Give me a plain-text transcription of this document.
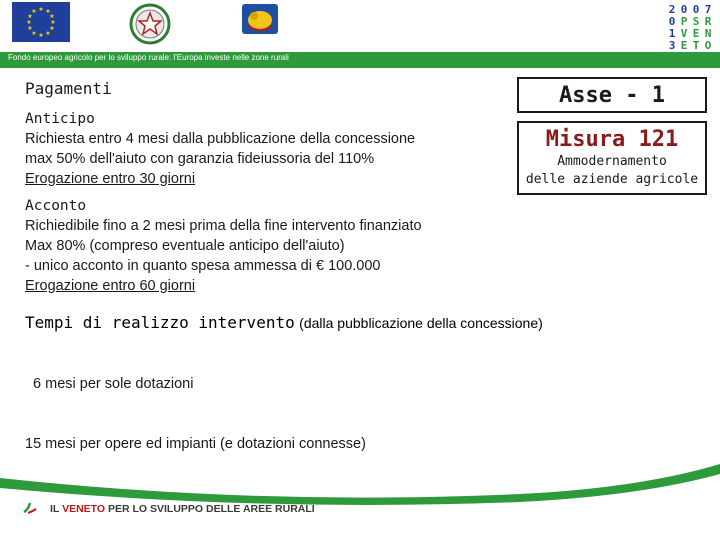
★ ★
★
★
★
★
★
★
★
★
★
★
FEASR	REGIONE DEL VENETO
2 0 0 7
0 P S R
1 V E N
3 E T O
Fondo europeo agricolo per lo sviluppo rurale: l'Europa investe nelle zone rurali
Pagamenti	Asse - 1
Misura 121
Ammodernamento
delle aziende agricole
Anticipo
Richiesta entro 4 mesi dalla pubblicazione della concessione
max 50% dell'aiuto con garanzia fideiussoria del 110%
Erogazione entro 30 giorni
Acconto
Richiedibile fino a 2 mesi prima della fine intervento finanziato
Max 80% (compreso eventuale anticipo dell'aiuto)
- unico acconto in quanto spesa ammessa di € 100.000
Erogazione entro 60 giorni
Tempi di realizzo intervento (dalla pubblicazione della concessione)

6 mesi per sole dotazioni

15 mesi per opere ed impianti (e dotazioni connesse)

IL VENETO PER LO SVILUPPO DELLE AREE RURALI
